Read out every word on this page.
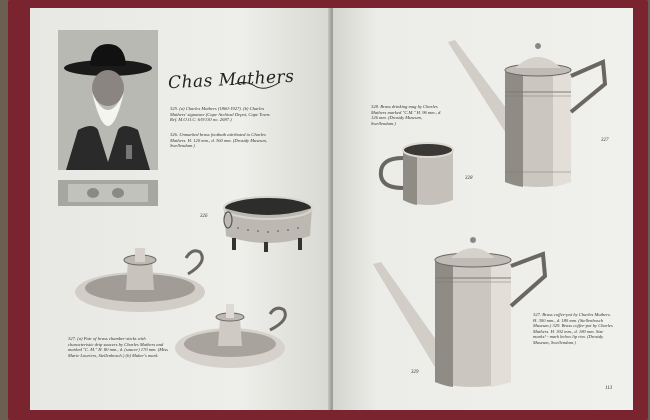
Chas Mathers
325. (a) Charles Mathers (1860-1927). (b) Charles Mathers' signature (Cape Archival Depot, Cape Town: Ref. M.O.O.C. 6/9/130 no. 2087.)
326. Unmarked brass footbath attributed to Charles Mathers. H. 120 mm., d. 360 mm. (Drostdy Museum, Swellendam.)
326
327. (a) Pair of brass chamber-sticks with characteristic drip saucers by Charles Mathers and marked "C. M." H. 80 mm., d. (saucer) 170 mm. (Miss Marie Louriers, Stellenbosch.) (b) Maker's mark.
327
328
328. Brass drinking mug by Charles Mathers marked "C.M." H. 96 mm., d. 126 mm. (Drostdy Museum, Swellendam.)
329
327. Brass coffee-pot by Charles Mathers. H. 300 mm., d. 180 mm. (Stellenbosch Museum.) 329. Brass coffee-pot by Charles Mathers. H. 302 mm., d. 180 mm. Size marks! - mark below lip rim. (Drostdy Museum, Swellendam.)
113
